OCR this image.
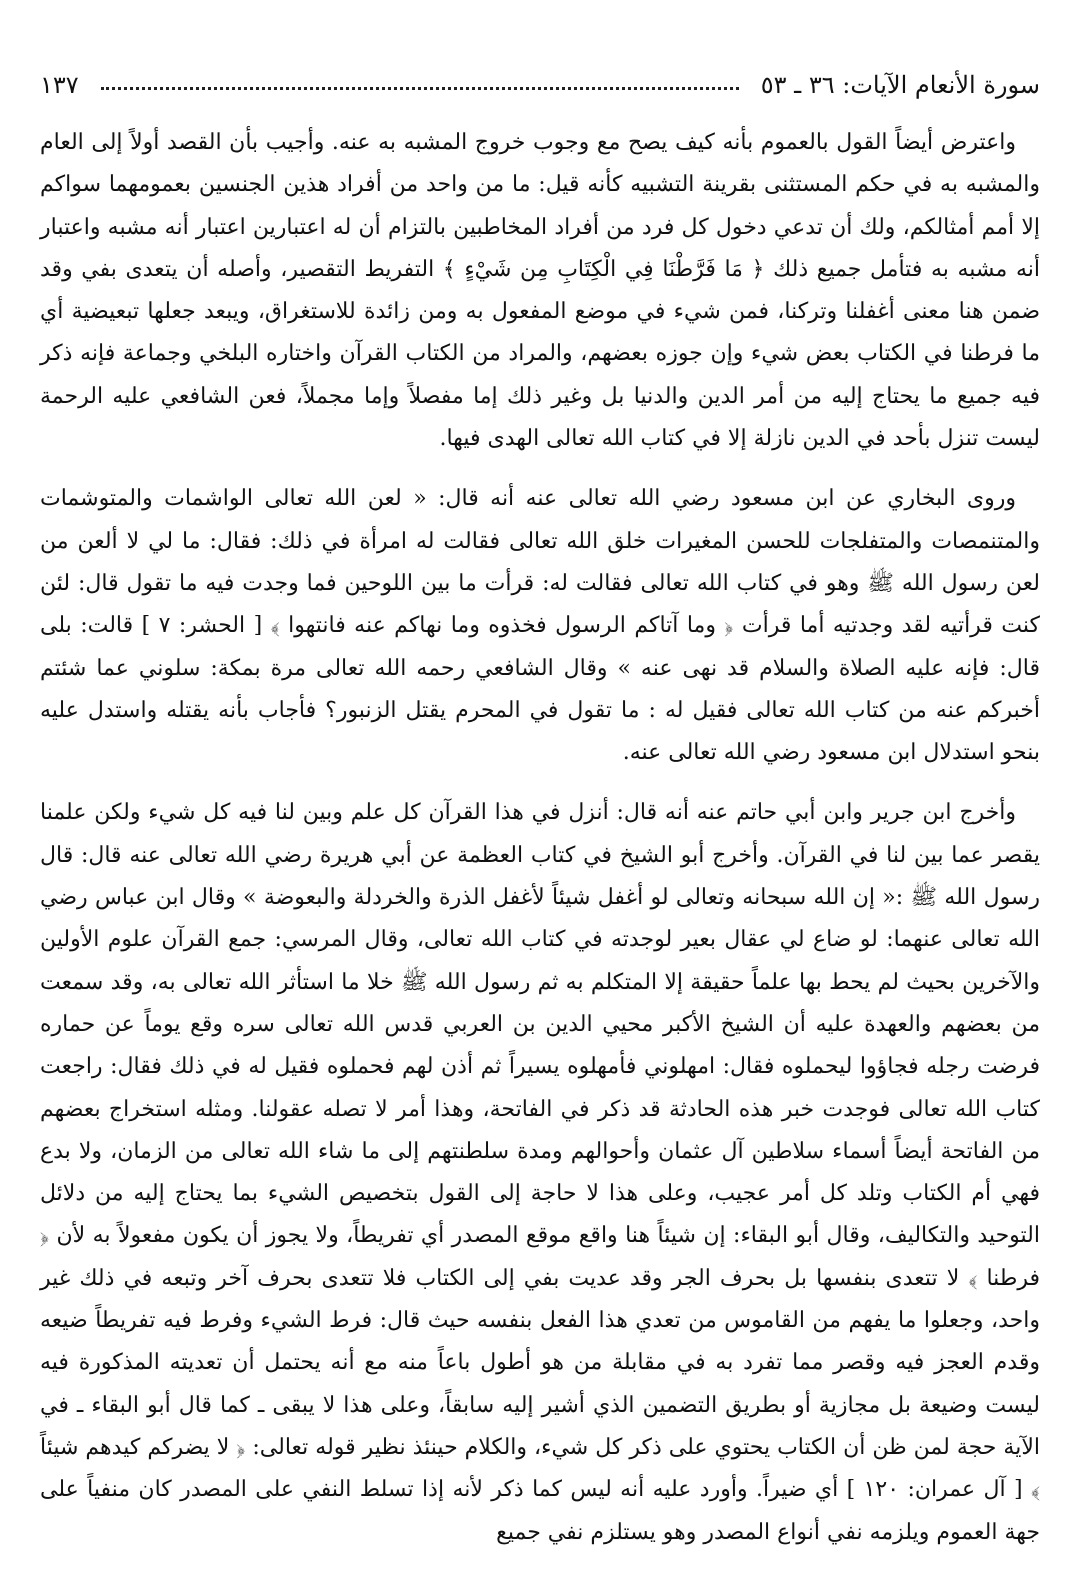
سورة الأنعام الآيات: ٣٦ ـ ٥٣
١٣٧

واعترض أيضاً القول بالعموم بأنه كيف يصح مع وجوب خروج المشبه به عنه. وأجيب بأن القصد أولاً إلى العام والمشبه به في حكم المستثنى بقرينة التشبيه كأنه قيل: ما من واحد من أفراد هذين الجنسين بعمومهما سواكم إلا أمم أمثالكم، ولك أن تدعي دخول كل فرد من أفراد المخاطبين بالتزام أن له اعتبارين اعتبار أنه مشبه واعتبار أنه مشبه به فتأمل جميع ذلك ﴿ مَا فَرَّطْنَا فِي الْكِتَابِ مِن شَيْءٍ ﴾ التفريط التقصير، وأصله أن يتعدى بفي وقد ضمن هنا معنى أغفلنا وتركنا، فمن شيء في موضع المفعول به ومن زائدة للاستغراق، ويبعد جعلها تبعيضية أي ما فرطنا في الكتاب بعض شيء وإن جوزه بعضهم، والمراد من الكتاب القرآن واختاره البلخي وجماعة فإنه ذكر فيه جميع ما يحتاج إليه من أمر الدين والدنيا بل وغير ذلك إما مفصلاً وإما مجملاً، فعن الشافعي عليه الرحمة ليست تنزل بأحد في الدين نازلة إلا في كتاب الله تعالى الهدى فيها.

وروى البخاري عن ابن مسعود رضي الله تعالى عنه أنه قال: « لعن الله تعالى الواشمات والمتوشمات والمتنمصات والمتفلجات للحسن المغيرات خلق الله تعالى فقالت له امرأة في ذلك: فقال: ما لي لا ألعن من لعن رسول الله ﷺ وهو في كتاب الله تعالى فقالت له: قرأت ما بين اللوحين فما وجدت فيه ما تقول قال: لئن كنت قرأتيه لقد وجدتيه أما قرأت ﴿ وما آتاكم الرسول فخذوه وما نهاكم عنه فانتهوا ﴾ [ الحشر: ٧ ] قالت: بلى قال: فإنه عليه الصلاة والسلام قد نهى عنه » وقال الشافعي رحمه الله تعالى مرة بمكة: سلوني عما شئتم أخبركم عنه من كتاب الله تعالى فقيل له : ما تقول في المحرم يقتل الزنبور؟ فأجاب بأنه يقتله واستدل عليه بنحو استدلال ابن مسعود رضي الله تعالى عنه.

وأخرج ابن جرير وابن أبي حاتم عنه أنه قال: أنزل في هذا القرآن كل علم وبين لنا فيه كل شيء ولكن علمنا يقصر عما بين لنا في القرآن. وأخرج أبو الشيخ في كتاب العظمة عن أبي هريرة رضي الله تعالى عنه قال: قال رسول الله ﷺ :« إن الله سبحانه وتعالى لو أغفل شيئاً لأغفل الذرة والخردلة والبعوضة » وقال ابن عباس رضي الله تعالى عنهما: لو ضاع لي عقال بعير لوجدته في كتاب الله تعالى، وقال المرسي: جمع القرآن علوم الأولين والآخرين بحيث لم يحط بها علماً حقيقة إلا المتكلم به ثم رسول الله ﷺ خلا ما استأثر الله تعالى به، وقد سمعت من بعضهم والعهدة عليه أن الشيخ الأكبر محيي الدين بن العربي قدس الله تعالى سره وقع يوماً عن حماره فرضت رجله فجاؤوا ليحملوه فقال: امهلوني فأمهلوه يسيراً ثم أذن لهم فحملوه فقيل له في ذلك فقال: راجعت كتاب الله تعالى فوجدت خبر هذه الحادثة قد ذكر في الفاتحة، وهذا أمر لا تصله عقولنا. ومثله استخراج بعضهم من الفاتحة أيضاً أسماء سلاطين آل عثمان وأحوالهم ومدة سلطنتهم إلى ما شاء الله تعالى من الزمان، ولا بدع فهي أم الكتاب وتلد كل أمر عجيب، وعلى هذا لا حاجة إلى القول بتخصيص الشيء بما يحتاج إليه من دلائل التوحيد والتكاليف، وقال أبو البقاء: إن شيئاً هنا واقع موقع المصدر أي تفريطاً، ولا يجوز أن يكون مفعولاً به لأن ﴿ فرطنا ﴾ لا تتعدى بنفسها بل بحرف الجر وقد عديت بفي إلى الكتاب فلا تتعدى بحرف آخر وتبعه في ذلك غير واحد، وجعلوا ما يفهم من القاموس من تعدي هذا الفعل بنفسه حيث قال: فرط الشيء وفرط فيه تفريطاً ضيعه وقدم العجز فيه وقصر مما تفرد به في مقابلة من هو أطول باعاً منه مع أنه يحتمل أن تعديته المذكورة فيه ليست وضيعة بل مجازية أو بطريق التضمين الذي أشير إليه سابقاً، وعلى هذا لا يبقى ـ كما قال أبو البقاء ـ في الآية حجة لمن ظن أن الكتاب يحتوي على ذكر كل شيء، والكلام حينئذ نظير قوله تعالى: ﴿ لا يضركم كيدهم شيئاً ﴾ [ آل عمران: ١٢٠ ] أي ضيراً. وأورد عليه أنه ليس كما ذكر لأنه إذا تسلط النفي على المصدر كان منفياً على جهة العموم ويلزمه نفي أنواع المصدر وهو يستلزم نفي جميع
